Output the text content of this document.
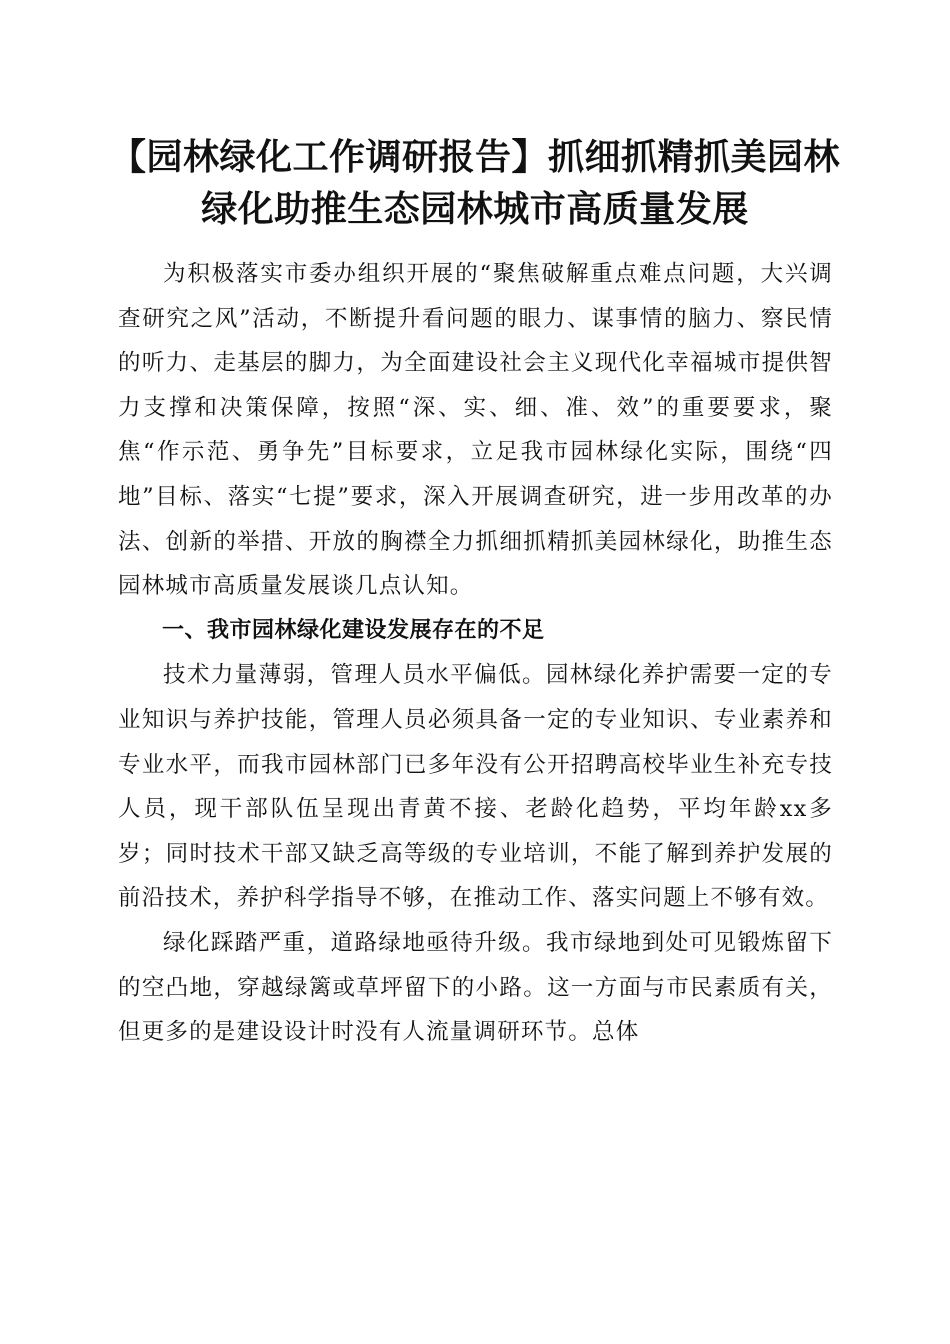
【园林绿化工作调研报告】抓细抓精抓美园林
绿化助推生态园林城市高质量发展

为积极落实市委办组织开展的“聚焦破解重点难点问题，大兴调查研究之风”活动，不断提升看问题的眼力、谋事情的脑力、察民情的听力、走基层的脚力，为全面建设社会主义现代化幸福城市提供智力支撑和决策保障，按照“深、实、细、准、效”的重要要求，聚焦“作示范、勇争先”目标要求，立足我市园林绿化实际，围绕“四地”目标、落实“七提”要求，深入开展调查研究，进一步用改革的办法、创新的举措、开放的胸襟全力抓细抓精抓美园林绿化，助推生态园林城市高质量发展谈几点认知。

一、我市园林绿化建设发展存在的不足

技术力量薄弱，管理人员水平偏低。园林绿化养护需要一定的专业知识与养护技能，管理人员必须具备一定的专业知识、专业素养和专业水平，而我市园林部门已多年没有公开招聘高校毕业生补充专技人员，现干部队伍呈现出青黄不接、老龄化趋势，平均年龄xx多岁；同时技术干部又缺乏高等级的专业培训，不能了解到养护发展的前沿技术，养护科学指导不够，在推动工作、落实问题上不够有效。

绿化踩踏严重，道路绿地亟待升级。我市绿地到处可见锻炼留下的空凸地，穿越绿篱或草坪留下的小路。这一方面与市民素质有关，但更多的是建设设计时没有人流量调研环节。总体
